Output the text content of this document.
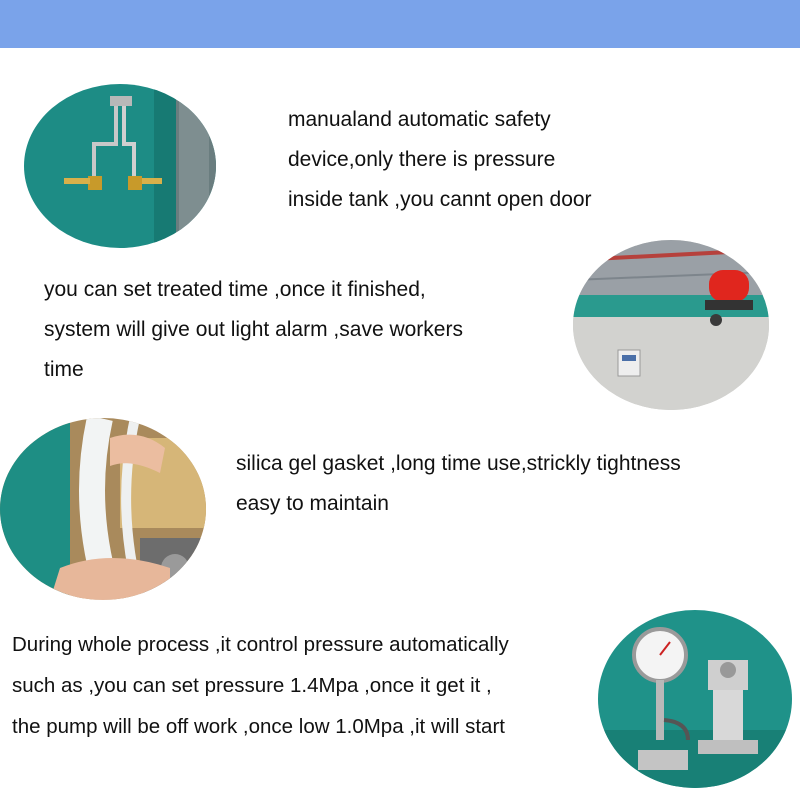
manualand automatic safety
device,only there is pressure
inside tank ,you cannt open door
you can set treated time ,once it finished,
system will give out light alarm ,save workers
time
silica gel gasket ,long time use,strickly tightness
easy to maintain
During whole process ,it control pressure automatically
such as ,you can set pressure 1.4Mpa ,once it get it ,
the pump will be off work ,once low 1.0Mpa ,it will start
